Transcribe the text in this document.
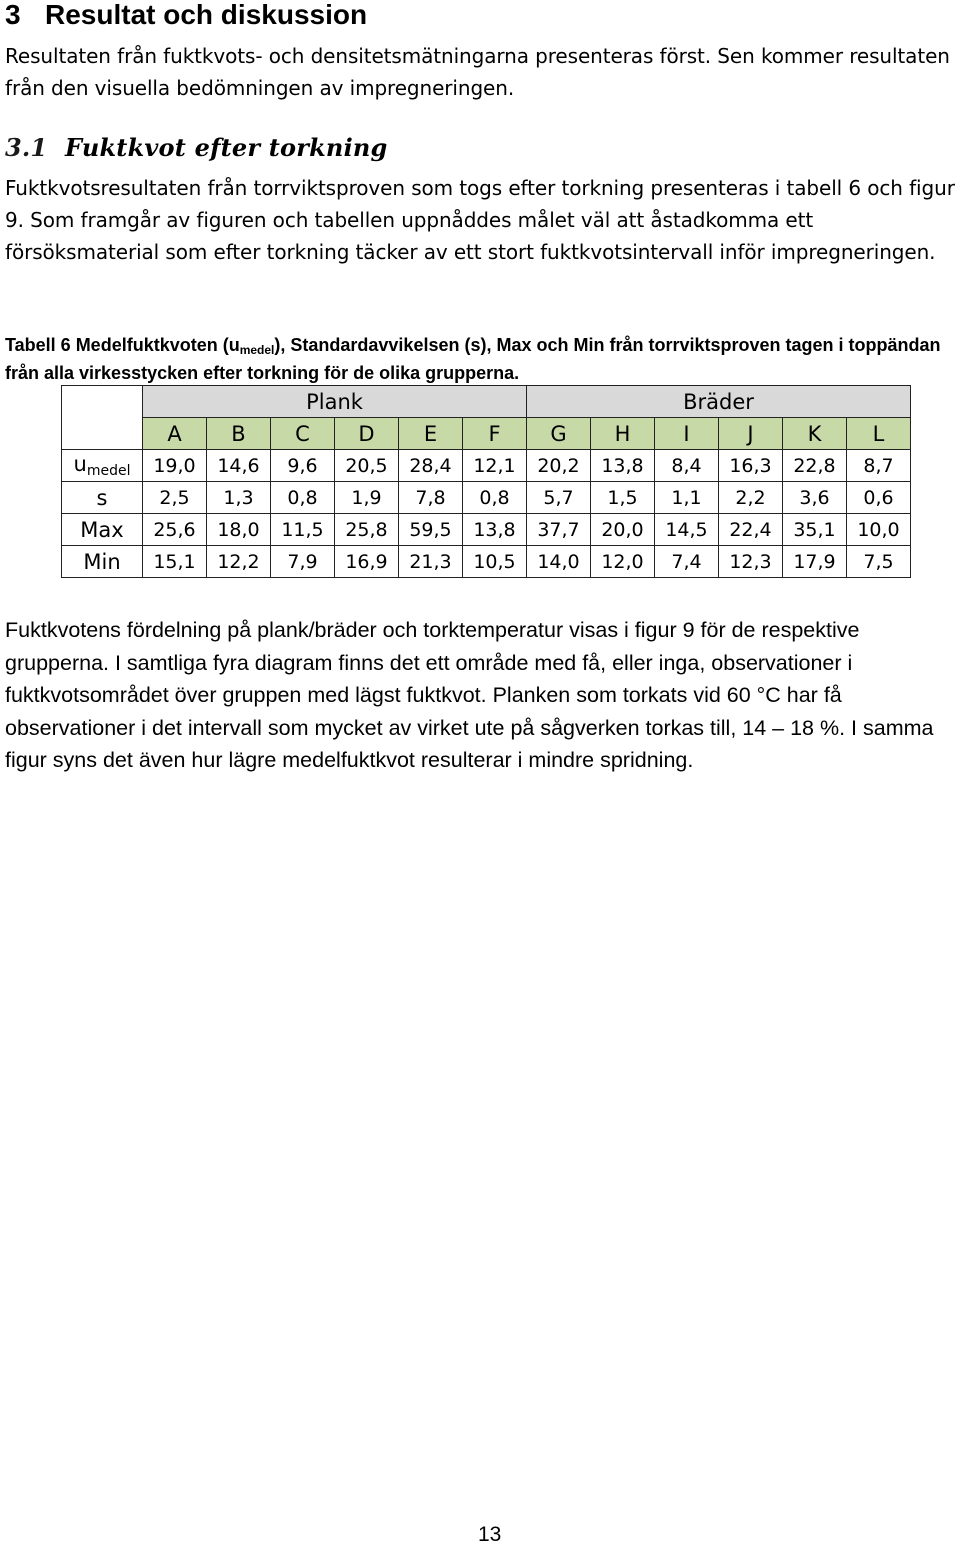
3 Resultat och diskussion
Resultaten från fuktkvots- och densitetsmätningarna presenteras först. Sen kommer resultaten från den visuella bedömningen av impregneringen.
3.1 Fuktkvot efter torkning
Fuktkvotsresultaten från torrviktsproven som togs efter torkning presenteras i tabell 6 och figur 9. Som framgår av figuren och tabellen uppnåddes målet väl att åstadkomma ett försöksmaterial som efter torkning täcker av ett stort fuktkvotsintervall inför impregneringen.
Tabell 6 Medelfuktkvoten $(u_{medel})$, Standardavvikelsen (s), Max och Min från torrviktsproven tagen i toppändan från alla virkesstycken efter torkning för de olika grupperna.
	Plank						Bräder					
	A	B	C	D	E	F	G	H	I	J	K	L
$u_{medel}$	19,0	14,6	9,6	20,5	28,4	12,1	20,2	13,8	8,4	16,3	22,8	8,7
s	2,5	1,3	0,8	1,9	7,8	0,8	5,7	1,5	1,1	2,2	3,6	0,6
Max	25,6	18,0	11,5	25,8	59,5	13,8	37,7	20,0	14,5	22,4	35,1	10,0
Min	15,1	12,2	7,9	16,9	21,3	10,5	14,0	12,0	7,4	12,3	17,9	7,5
Fuktkvotens fördelning på plank/bräder och torktemperatur visas i figur 9 för de respektive grupperna. I samtliga fyra diagram finns det ett område med få, eller inga, observationer i fuktkvotsområdet över gruppen med lägst fuktkvot. Planken som torkats vid 60 °C har få observationer i det intervall som mycket av virket ute på sågverken torkas till, 14 – 18 %. I samma figur syns det även hur lägre medelfuktkvot resulterar i mindre spridning.
13
